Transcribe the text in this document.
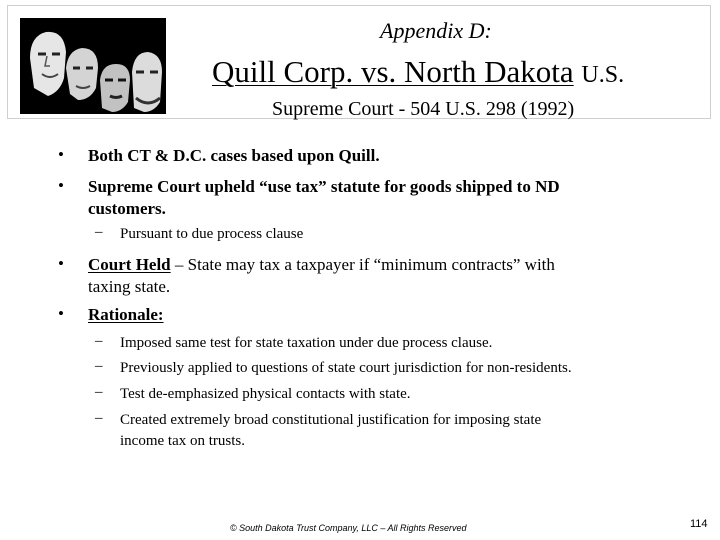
Appendix D:
Quill Corp. vs. North Dakota U.S.
Supreme Court - 504 U.S. 298 (1992)
• Both CT & D.C. cases based upon Quill.
• Supreme Court upheld “use tax” statute for goods shipped to ND
customers.
– Pursuant to due process clause
• Court Held – State may tax a taxpayer if “minimum contracts” with
taxing state.
• Rationale:
– Imposed same test for state taxation under due process clause.
– Previously applied to questions of state court jurisdiction for non-residents.
– Test de-emphasized physical contacts with state.
– Created extremely broad constitutional justification for imposing state
income tax on trusts.
© South Dakota Trust Company, LLC – All Rights Reserved	114
